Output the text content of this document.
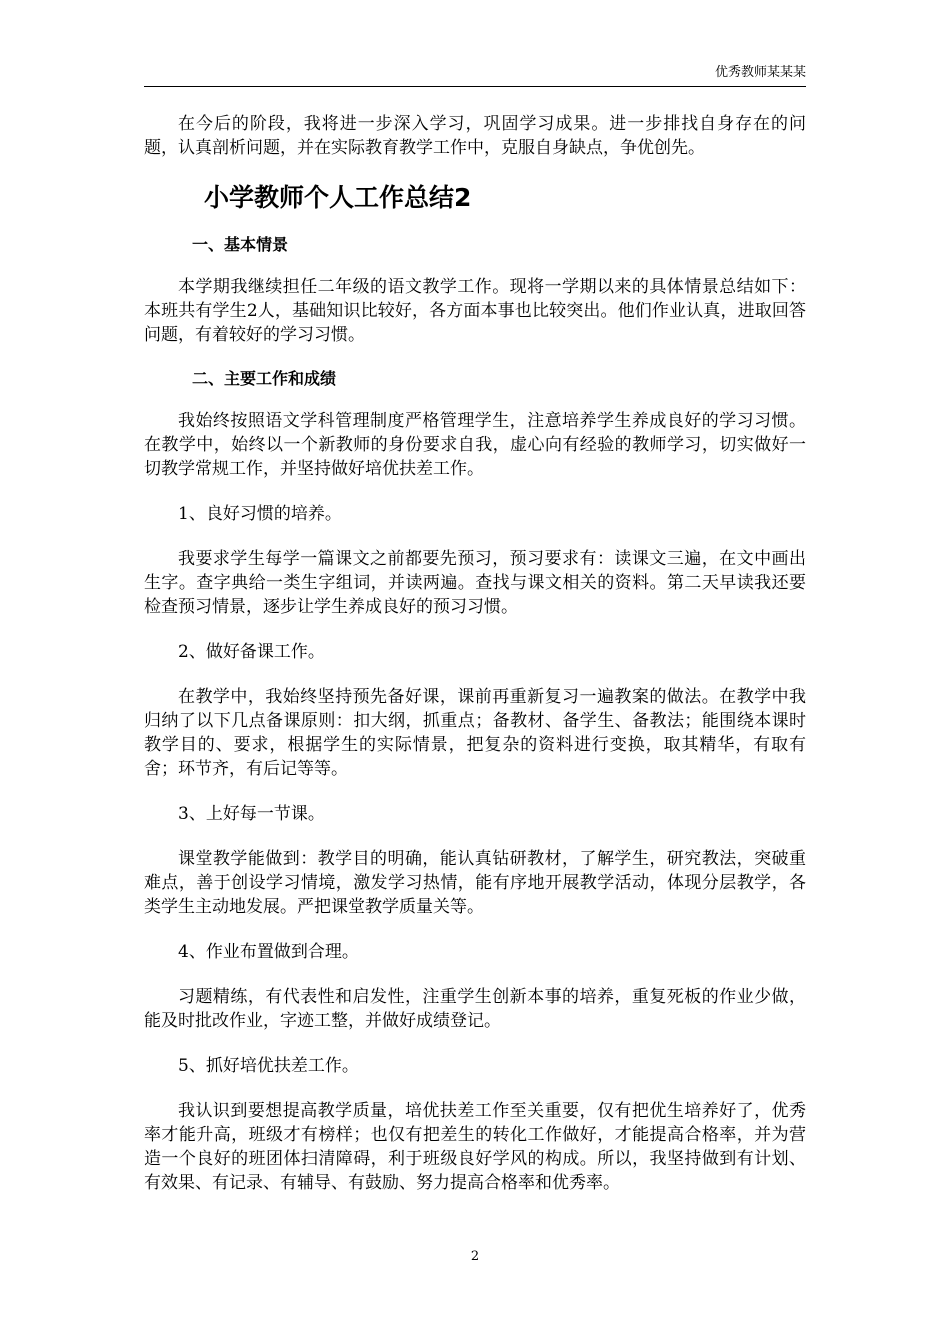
优秀教师某某某

在今后的阶段，我将进一步深入学习，巩固学习成果。进一步排找自身存在的问题，认真剖析问题，并在实际教育教学工作中，克服自身缺点，争优创先。

小学教师个人工作总结2
一、基本情景

本学期我继续担任二年级的语文教学工作。现将一学期以来的具体情景总结如下：本班共有学生2人，基础知识比较好，各方面本事也比较突出。他们作业认真，进取回答问题，有着较好的学习习惯。

二、主要工作和成绩

我始终按照语文学科管理制度严格管理学生，注意培养学生养成良好的学习习惯。在教学中，始终以一个新教师的身份要求自我，虚心向有经验的教师学习，切实做好一切教学常规工作，并坚持做好培优扶差工作。

1、良好习惯的培养。

我要求学生每学一篇课文之前都要先预习，预习要求有：读课文三遍，在文中画出生字。查字典给一类生字组词，并读两遍。查找与课文相关的资料。第二天早读我还要检查预习情景，逐步让学生养成良好的预习习惯。

2、做好备课工作。

在教学中，我始终坚持预先备好课，课前再重新复习一遍教案的做法。在教学中我归纳了以下几点备课原则：扣大纲，抓重点；备教材、备学生、备教法；能围绕本课时教学目的、要求，根据学生的实际情景，把复杂的资料进行变换，取其精华，有取有舍；环节齐，有后记等等。

3、上好每一节课。

课堂教学能做到：教学目的明确，能认真钻研教材，了解学生，研究教法，突破重难点，善于创设学习情境，激发学习热情，能有序地开展教学活动，体现分层教学，各类学生主动地发展。严把课堂教学质量关等。

4、作业布置做到合理。

习题精练，有代表性和启发性，注重学生创新本事的培养，重复死板的作业少做，能及时批改作业，字迹工整，并做好成绩登记。

5、抓好培优扶差工作。

我认识到要想提高教学质量，培优扶差工作至关重要，仅有把优生培养好了，优秀率才能升高，班级才有榜样；也仅有把差生的转化工作做好，才能提高合格率，并为营造一个良好的班团体扫清障碍，利于班级良好学风的构成。所以，我坚持做到有计划、有效果、有记录、有辅导、有鼓励、努力提高合格率和优秀率。

2
